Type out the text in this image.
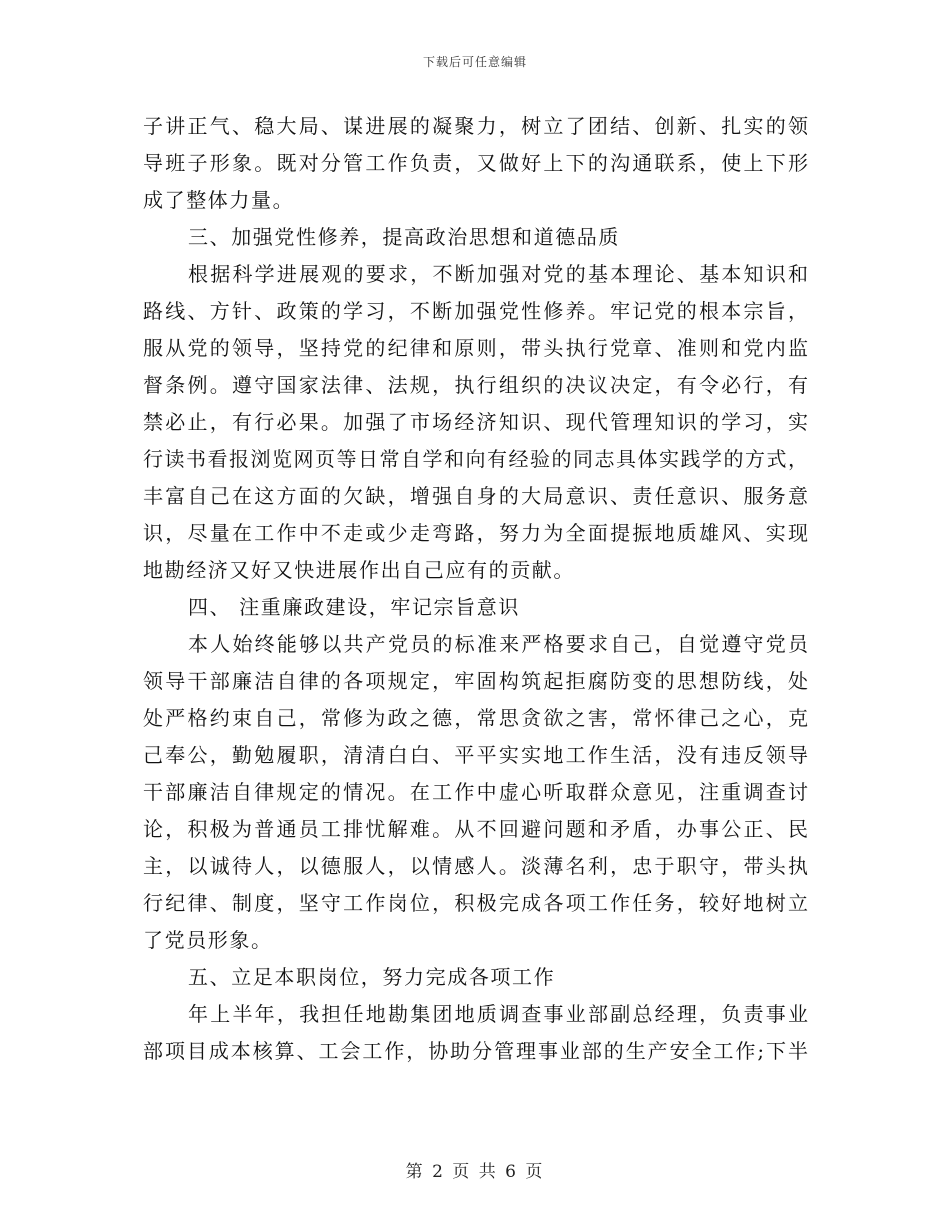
下载后可任意编辑
子讲正气、稳大局、谋进展的凝聚力，树立了团结、创新、扎实的领
导班子形象。既对分管工作负责，又做好上下的沟通联系，使上下形
成了整体力量。
三、加强党性修养，提高政治思想和道德品质
根据科学进展观的要求，不断加强对党的基本理论、基本知识和
路线、方针、政策的学习，不断加强党性修养。牢记党的根本宗旨，
服从党的领导，坚持党的纪律和原则，带头执行党章、准则和党内监
督条例。遵守国家法律、法规，执行组织的决议决定，有令必行，有
禁必止，有行必果。加强了市场经济知识、现代管理知识的学习，实
行读书看报浏览网页等日常自学和向有经验的同志具体实践学的方式，
丰富自己在这方面的欠缺，增强自身的大局意识、责任意识、服务意
识，尽量在工作中不走或少走弯路，努力为全面提振地质雄风、实现
地勘经济又好又快进展作出自己应有的贡献。
四、 注重廉政建设，牢记宗旨意识
本人始终能够以共产党员的标准来严格要求自己，自觉遵守党员
领导干部廉洁自律的各项规定，牢固构筑起拒腐防变的思想防线，处
处严格约束自己，常修为政之德，常思贪欲之害，常怀律己之心，克
己奉公，勤勉履职，清清白白、平平实实地工作生活，没有违反领导
干部廉洁自律规定的情况。在工作中虚心听取群众意见，注重调查讨
论，积极为普通员工排忧解难。从不回避问题和矛盾，办事公正、民
主，以诚待人，以德服人，以情感人。淡薄名利，忠于职守，带头执
行纪律、制度，坚守工作岗位，积极完成各项工作任务，较好地树立
了党员形象。
五、立足本职岗位，努力完成各项工作
年上半年，我担任地勘集团地质调查事业部副总经理，负责事业
部项目成本核算、工会工作，协助分管理事业部的生产安全工作;下半
第 2 页 共 6 页
